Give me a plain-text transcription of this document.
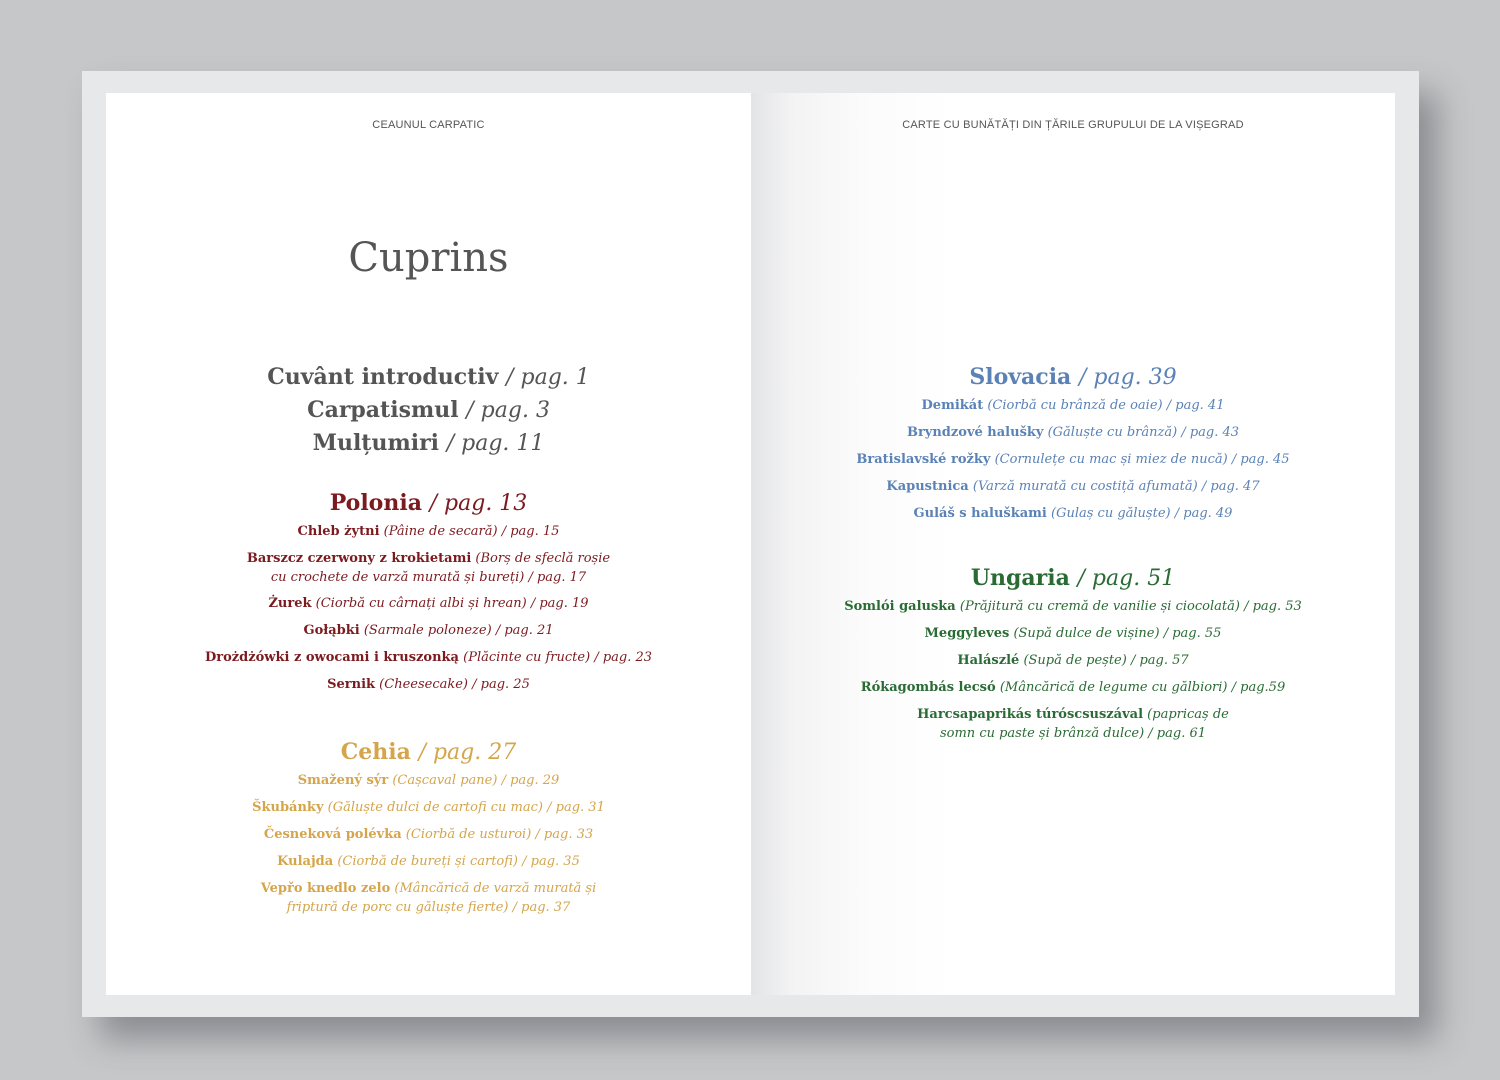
CEAUNUL CARPATIC
Cuprins
Cuvânt introductiv / pag. 1
Carpatismul / pag. 3
Mulțumiri / pag. 11
Polonia / pag. 13
Chleb żytni (Pâine de secară) / pag. 15
Barszcz czerwony z krokietami (Borș de sfeclă roșie
cu crochete de varză murată și bureți) / pag. 17
Żurek (Ciorbă cu cârnați albi și hrean) / pag. 19
Gołąbki (Sarmale poloneze) / pag. 21
Drożdżówki z owocami i kruszonką (Plăcinte cu fructe) / pag. 23
Sernik (Cheesecake) / pag. 25
Cehia / pag. 27
Smažený sýr (Cașcaval pane) / pag. 29
Škubánky (Găluște dulci de cartofi cu mac) / pag. 31
Česneková polévka (Ciorbă de usturoi) / pag. 33
Kulajda (Ciorbă de bureți și cartofi) / pag. 35
Vepřo knedlo zelo (Mâncărică de varză murată și
friptură de porc cu găluște fierte) / pag. 37
CARTE CU BUNĂTĂȚI DIN ȚĂRILE GRUPULUI DE LA VIȘEGRAD
Slovacia / pag. 39
Demikát (Ciorbă cu brânză de oaie) / pag. 41
Bryndzové halušky (Găluște cu brânză) / pag. 43
Bratislavské rožky (Cornulețe cu mac și miez de nucă) / pag. 45
Kapustnica (Varză murată cu costiță afumată) / pag. 47
Guláš s haluškami (Gulaș cu găluște) / pag. 49
Ungaria / pag. 51
Somlói galuska (Prăjitură cu cremă de vanilie și ciocolată) / pag. 53
Meggyleves (Supă dulce de vișine) / pag. 55
Halászlé (Supă de pește) / pag. 57
Rókagombás lecsó (Mâncărică de legume cu gălbiori) / pag.59
Harcsapaprikás túróscsuszával (papricaș de
somn cu paste și brânză dulce) / pag. 61
